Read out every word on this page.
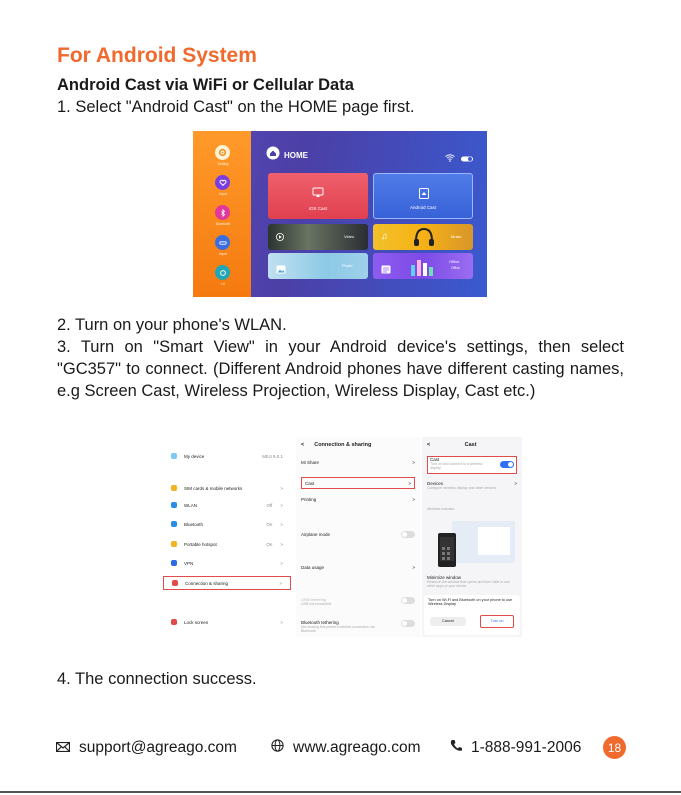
For Android System
Android Cast via WiFi or Cellular Data
1. Select "Android Cast" on the HOME page first.
Setting
Input
Bluetooth
Input
UI
HOME
iOS Cast	Android Cast
Video	♫	Music
Photo
Office
Office
2. Turn on your phone's WLAN.
3. Turn on "Smart View" in your Android device's settings, then select "GC357" to connect. (Different Android phones have different casting names, e.g Screen Cast, Wireless Projection, Wireless Display, Cast etc.)
My device	MIUI 9.0.1
SIM cards & mobile networks	>
WLAN	Off >
Bluetooth	On >
Portable hotspot	On >
VPN	>
Connection & sharing	>
Lock screen	>
< Connection & sharing
Mi Share	>
Cast	>
Printing	>
Airplane mode
Data usage	>
USB tethering
USB not connected
Bluetooth tethering
Not sharing this phone's internet connection via Bluetooth
<	Cast
Cast
Turn on and connect to a wireless display
Devices
Configure wireless display and other devices
>
Wireless indicator
Minimize window
Minimize the window that opens and then slide to use other apps or your device
Turn on Wi-Fi and Bluetooth on your phone to use Wireless Display
Cancel	Turn on
4. The connection success.
support@agreago.com	www.agreago.com	1-888-991-2006	18
